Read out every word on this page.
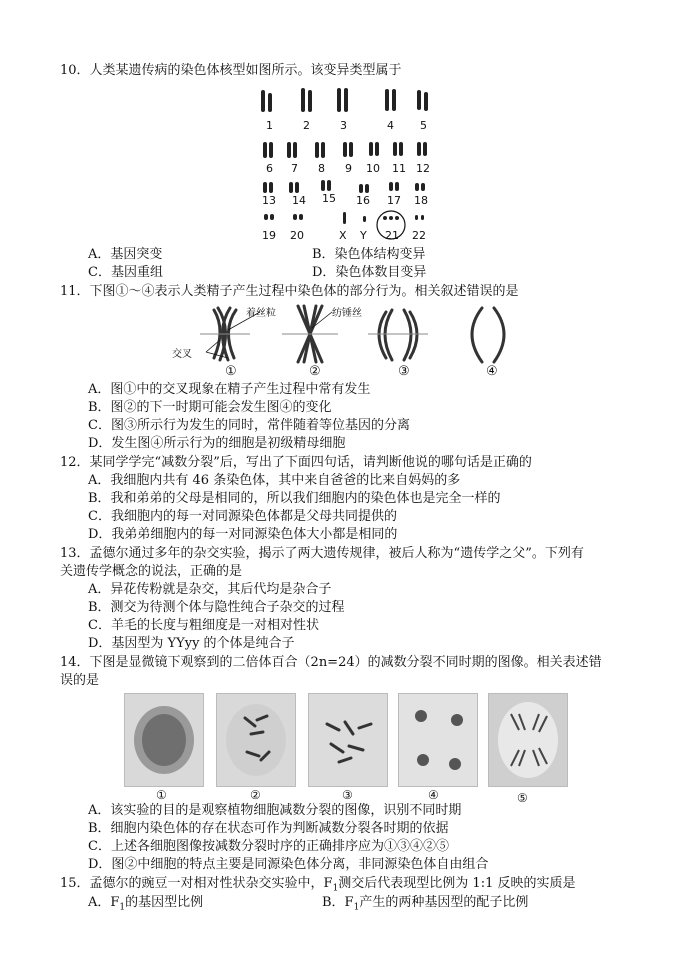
10．人类某遗传病的染色体核型如图所示。该变异类型属于
1	2	3	4 5
6 7 8 9 10 11 12
13 14 15 16 17 18
19 20	X Y 21 22
A．基因突变	B．染色体结构变异
C．基因重组	D．染色体数目变异
11．下图①～④表示人类精子产生过程中染色体的部分行为。相关叙述错误的是
着丝粒	纺锤丝
交叉
①	②	③	④
A．图①中的交叉现象在精子产生过程中常有发生
B．图②的下一时期可能会发生图④的变化
C．图③所示行为发生的同时，常伴随着等位基因的分离
D．发生图④所示行为的细胞是初级精母细胞
12．某同学学完“减数分裂”后，写出了下面四句话，请判断他说的哪句话是正确的
A．我细胞内共有 46 条染色体，其中来自爸爸的比来自妈妈的多
B．我和弟弟的父母是相同的，所以我们细胞内的染色体也是完全一样的
C．我细胞内的每一对同源染色体都是父母共同提供的
D．我弟弟细胞内的每一对同源染色体大小都是相同的
13．孟德尔通过多年的杂交实验，揭示了两大遗传规律，被后人称为“遗传学之父”。下列有
关遗传学概念的说法，正确的是
A．异花传粉就是杂交，其后代均是杂合子
B．测交为待测个体与隐性纯合子杂交的过程
C．羊毛的长度与粗细度是一对相对性状
D．基因型为 YYyy 的个体是纯合子
14．下图是显微镜下观察到的二倍体百合（2n=24）的减数分裂不同时期的图像。相关表述错
误的是
①	②	③	④	⑤
A．该实验的目的是观察植物细胞减数分裂的图像，识别不同时期
B．细胞内染色体的存在状态可作为判断减数分裂各时期的依据
C．上述各细胞图像按减数分裂时序的正确排序应为①③④②⑤
D．图②中细胞的特点主要是同源染色体分离，非同源染色体自由组合
15．孟德尔的豌豆一对相对性状杂交实验中，$F_1$测交后代表现型比例为 1:1 反映的实质是
A．$F_1$的基因型比例	B．$F_1$产生的两种基因型的配子比例
